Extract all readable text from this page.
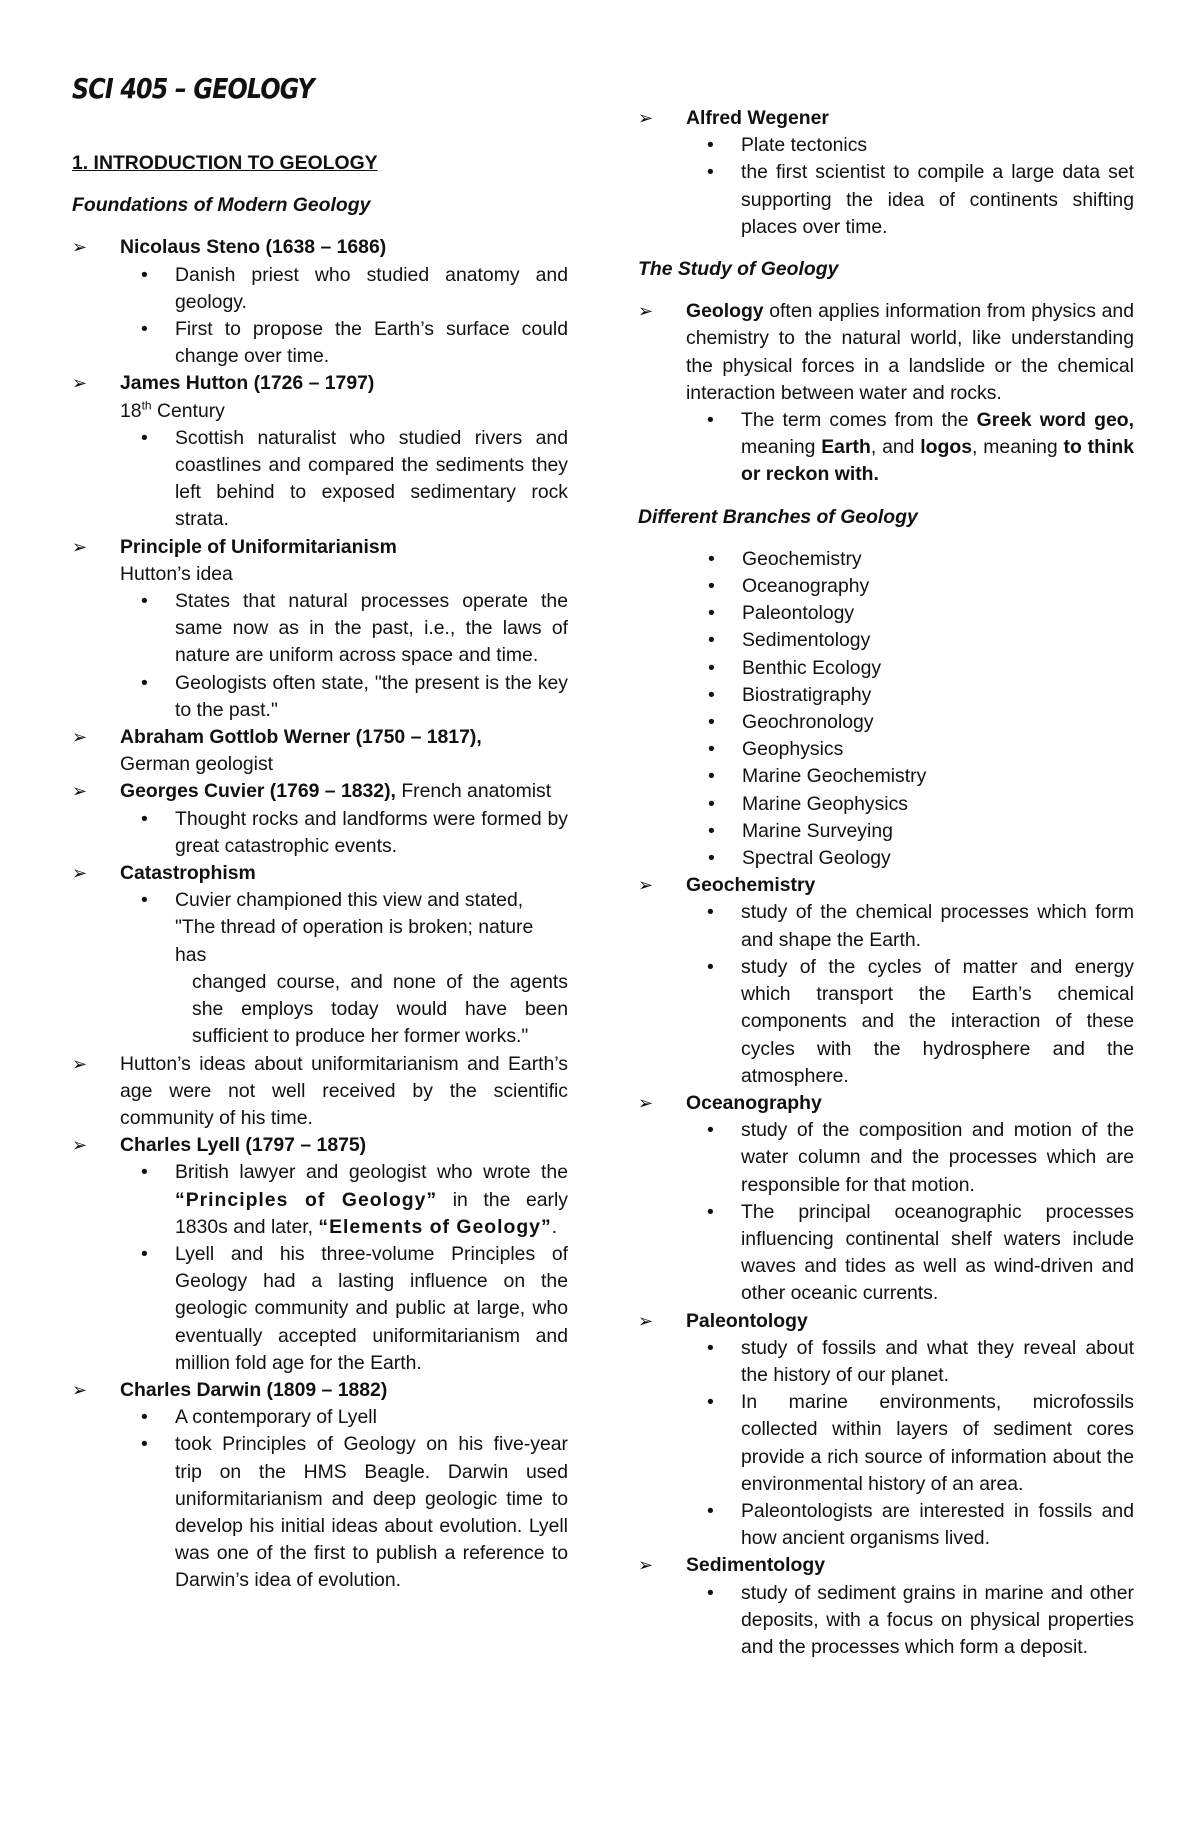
SCI 405 – GEOLOGY
1. INTRODUCTION TO GEOLOGY
Foundations of Modern Geology
➢	Nicolaus Steno (1638 – 1686)
• Danish priest who studied anatomy and geology.
• First to propose the Earth’s surface could change over time.
➢	James Hutton (1726 – 1797)
18th Century
• Scottish naturalist who studied rivers and coastlines and compared the sediments they left behind to exposed sedimentary rock strata.
➢	Principle of Uniformitarianism
Hutton’s idea
• States that natural processes operate the same now as in the past, i.e., the laws of nature are uniform across space and time.
• Geologists often state, "the present is the key to the past."
➢	Abraham Gottlob Werner (1750 – 1817),
German geologist
➢	Georges Cuvier (1769 – 1832), French anatomist
• Thought rocks and landforms were formed by great catastrophic events.
➢	Catastrophism
• Cuvier championed this view and stated, "The thread of operation is broken; nature has
changed course, and none of the agents she employs today would have been sufficient to produce her former works."
➢	Hutton’s ideas about uniformitarianism and Earth’s age were not well received by the scientific community of his time.
➢	Charles Lyell (1797 – 1875)
• British lawyer and geologist who wrote the “Principles of Geology” in the early 1830s and later, “Elements of Geology”.
• Lyell and his three-volume Principles of Geology had a lasting influence on the geologic community and public at large, who eventually accepted uniformitarianism and million fold age for the Earth.
➢	Charles Darwin (1809 – 1882)
• A contemporary of Lyell
• took Principles of Geology on his five-year trip on the HMS Beagle. Darwin used uniformitarianism and deep geologic time to develop his initial ideas about evolution. Lyell was one of the first to publish a reference to Darwin’s idea of evolution.
➢	Alfred Wegener
• Plate tectonics
• the first scientist to compile a large data set supporting the idea of continents shifting places over time.
The Study of Geology
➢	Geology often applies information from physics and chemistry to the natural world, like understanding the physical forces in a landslide or the chemical interaction between water and rocks.
• The term comes from the Greek word geo, meaning Earth, and logos, meaning to think or reckon with.
Different Branches of Geology
• Geochemistry
• Oceanography
• Paleontology
• Sedimentology
• Benthic Ecology
• Biostratigraphy
• Geochronology
• Geophysics
• Marine Geochemistry
• Marine Geophysics
• Marine Surveying
• Spectral Geology
➢	Geochemistry
• study of the chemical processes which form and shape the Earth.
• study of the cycles of matter and energy which transport the Earth’s chemical components and the interaction of these cycles with the hydrosphere and the atmosphere.
➢	Oceanography
• study of the composition and motion of the water column and the processes which are responsible for that motion.
• The principal oceanographic processes influencing continental shelf waters include waves and tides as well as wind-driven and other oceanic currents.
➢	Paleontology
• study of fossils and what they reveal about the history of our planet.
• In marine environments, microfossils collected within layers of sediment cores provide a rich source of information about the environmental history of an area.
• Paleontologists are interested in fossils and how ancient organisms lived.
➢	Sedimentology
• study of sediment grains in marine and other deposits, with a focus on physical properties and the processes which form a deposit.
